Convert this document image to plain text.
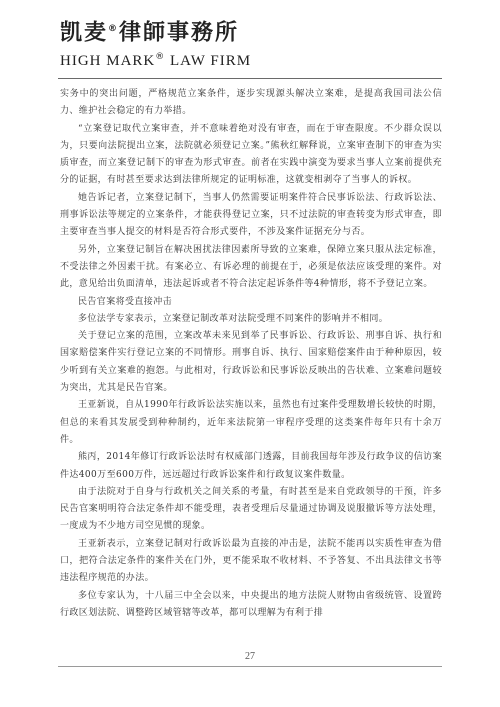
凯麦®律師事務所
HIGH MARK® LAW FIRM

实务中的突出问题，严格规范立案条件，逐步实现源头解决立案难，是提高我国司法公信力、维护社会稳定的有力举措。

“立案登记取代立案审查，并不意味着绝对没有审查，而在于审查限度。不少群众误以为，只要向法院提出立案，法院就必须登记立案。”熊秋红解释说，立案审查制下的审查为实质审查，而立案登记制下的审查为形式审查。前者在实践中演变为要求当事人立案前提供充分的证据，有时甚至要求达到法律所规定的证明标准，这就变相剥夺了当事人的诉权。

她告诉记者，立案登记制下，当事人仍然需要证明案件符合民事诉讼法、行政诉讼法、刑事诉讼法等规定的立案条件，才能获得登记立案，只不过法院的审查转变为形式审查，即主要审查当事人提交的材料是否符合形式要件，不涉及案件证据充分与否。

另外，立案登记制旨在解决困扰法律因素所导致的立案难，保障立案只服从法定标准，不受法律之外因素干扰。有案必立、有诉必理的前提在于，必须是依法应该受理的案件。对此，意见给出负面清单，违法起诉或者不符合法定起诉条件等4种情形，将不予登记立案。

民告官案将受直接冲击

多位法学专家表示，立案登记制改革对法院受理不同案件的影响并不相同。

关于登记立案的范围，立案改革未来见到举了民事诉讼、行政诉讼、刑事自诉、执行和国家赔偿案件实行登记立案的不同情形。刑事自诉、执行、国家赔偿案件由于种种原因，较少听到有关立案难的抱怨。与此相对，行政诉讼和民事诉讼反映出的告状难、立案难问题较为突出，尤其是民告官案。

王亚新说，自从1990年行政诉讼法实施以来，虽然也有过案件受理数增长较快的时期，但总的来看其发展受到种种制约，近年来法院第一审程序受理的这类案件每年只有十余万件。

熊丙，2014年修订行政诉讼法时有权威部门透露，目前我国每年涉及行政争议的信访案件达400万至600万件，远远超过行政诉讼案件和行政复议案件数量。

由于法院对于自身与行政机关之间关系的考量，有时甚至是来自党政领导的干预，许多民告官案明明符合法定条件却不能受理，表者受理后尽量通过协调及说服撤诉等方法处理，一度成为不少地方司空见惯的现象。

王亚新表示，立案登记制对行政诉讼最为直接的冲击是，法院不能再以实质性审查为借口，把符合法定条件的案件关在门外，更不能采取不收材料、不予答复、不出具法律文书等违法程序规范的办法。

多位专家认为，十八届三中全会以来，中央提出的地方法院人财物由省级统管、设置跨行政区划法院、调整跨区域管辖等改革，都可以理解为有利于排

27
